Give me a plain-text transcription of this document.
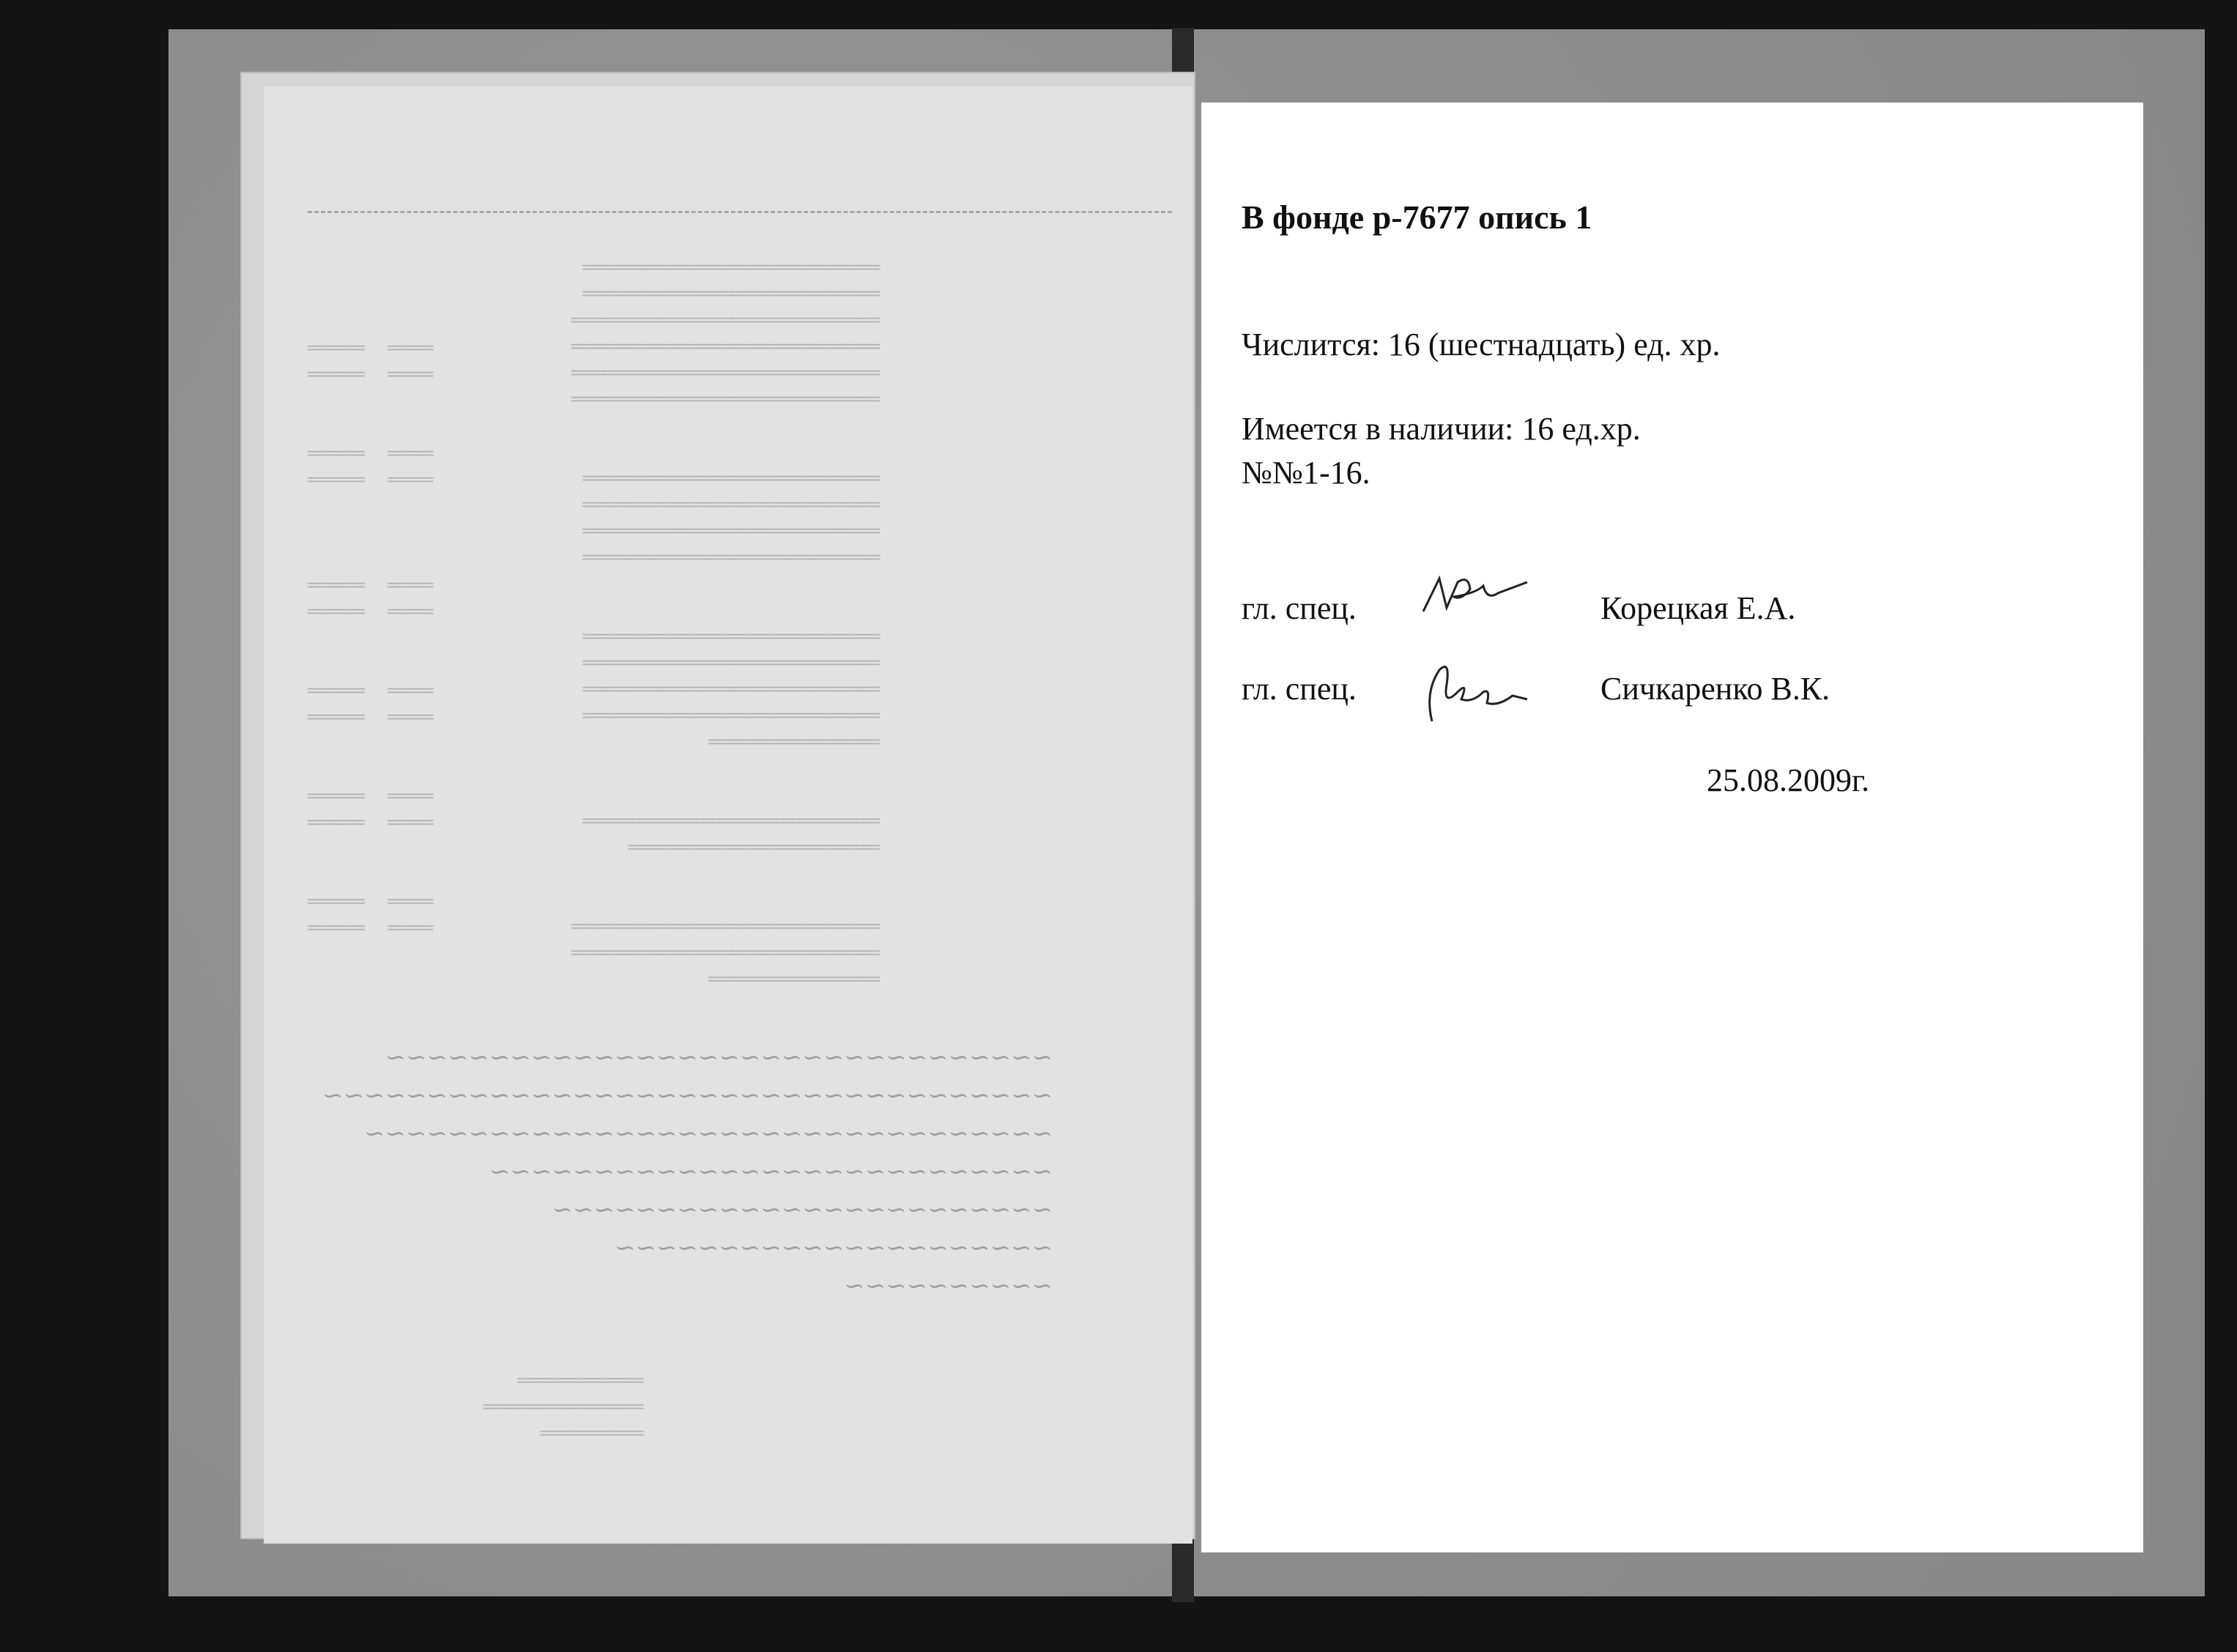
══════════════════════════
══════════════════════════
═══════════════════════════
═══════════════════════════
═══════════════════════════
═══════════════════════════

══════════════════════════
══════════════════════════
══════════════════════════
══════════════════════════

══════════════════════════
══════════════════════════
══════════════════════════
══════════════════════════
═══════════════

══════════════════════════
══════════════════════

═══════════════════════════
═══════════════════════════
═══════════════
════  ═════
════  ═════

════  ═════
════  ═════

════  ═════
════  ═════

════  ═════
════  ═════

════  ═════
════  ═════

════  ═════
════  ═════
~~~~~~~~~~~~~~~~~~~~~~~~~~~~~~~~
~~~~~~~~~~~~~~~~~~~~~~~~~~~~~~~~~~~
~~~~~~~~~~~~~~~~~~~~~~~~~~~~~~~~~
~~~~~~~~~~~~~~~~~~~~~~~~~~~
~~~~~~~~~~~~~~~~~~~~~~~~
~~~~~~~~~~~~~~~~~~~~~
~~~~~~~~~~
═══════════
══════════════
═════════
В фонде р-7677 опись 1
Числится: 16 (шестнадцать) ед. хр.
Имеется в наличии: 16 ед.хр.
№№1-16.
гл. спец.	Корецкая Е.А.
гл. спец.	Сичкаренко В.К.
25.08.2009г.
